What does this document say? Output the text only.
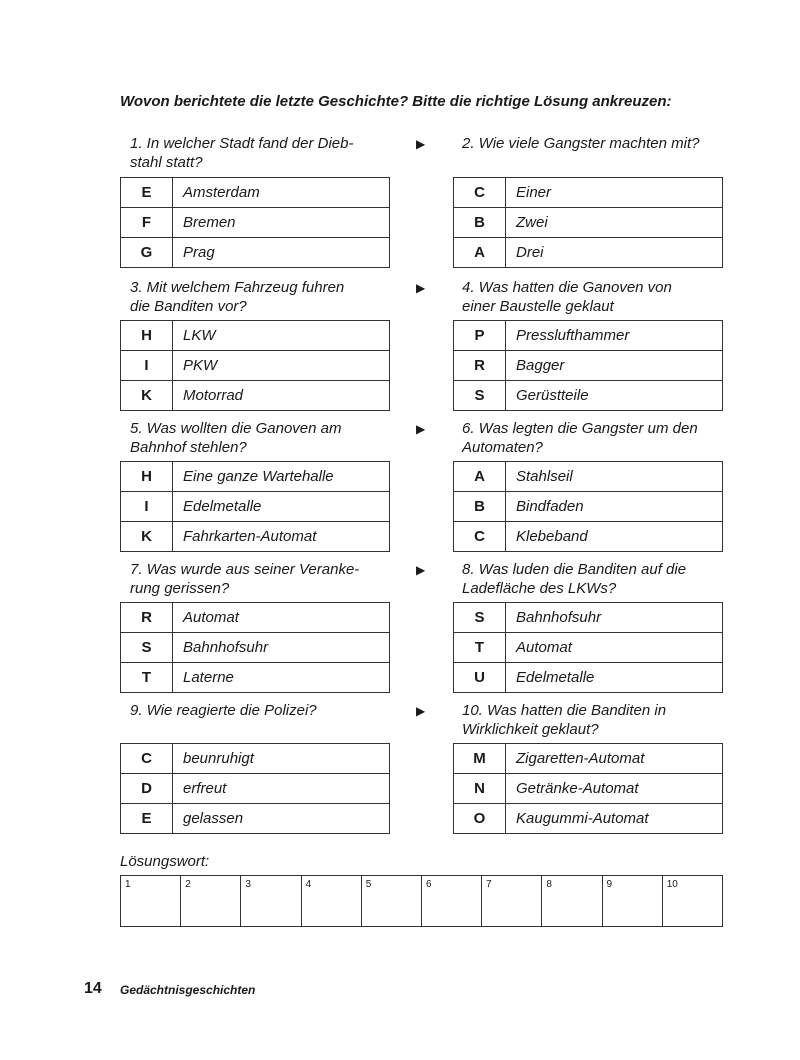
Wovon berichtete die letzte Geschichte? Bitte die richtige Lösung ankreuzen:
1. In welcher Stadt fand der Dieb-
stahl statt?
▶
E	Amsterdam
F	Bremen
G	Prag
2. Wie viele Gangster machten mit?
C	Einer
B	Zwei
A	Drei
3. Mit welchem Fahrzeug fuhren
die Banditen vor?
▶
H	LKW
I	PKW
K	Motorrad
4. Was hatten die Ganoven von
einer Baustelle geklaut
P	Presslufthammer
R	Bagger
S	Gerüstteile
5. Was wollten die Ganoven am
Bahnhof stehlen?
▶
H	Eine ganze Wartehalle
I	Edelmetalle
K	Fahrkarten-Automat
6. Was legten die Gangster um den
Automaten?
A	Stahlseil
B	Bindfaden
C	Klebeband
7. Was wurde aus seiner Veranke-
rung gerissen?
▶
R	Automat
S	Bahnhofsuhr
T	Laterne
8. Was luden die Banditen auf die
Ladefläche des LKWs?
S	Bahnhofsuhr
T	Automat
U	Edelmetalle
9. Wie reagierte die Polizei?	▶
C	beunruhigt
D	erfreut
E	gelassen
10. Was hatten die Banditen in
Wirklichkeit geklaut?
M	Zigaretten-Automat
N	Getränke-Automat
O	Kaugummi-Automat
Lösungswort:
1	2	3	4	5	6	7	8	9	10
14 Gedächtnisgeschichten
